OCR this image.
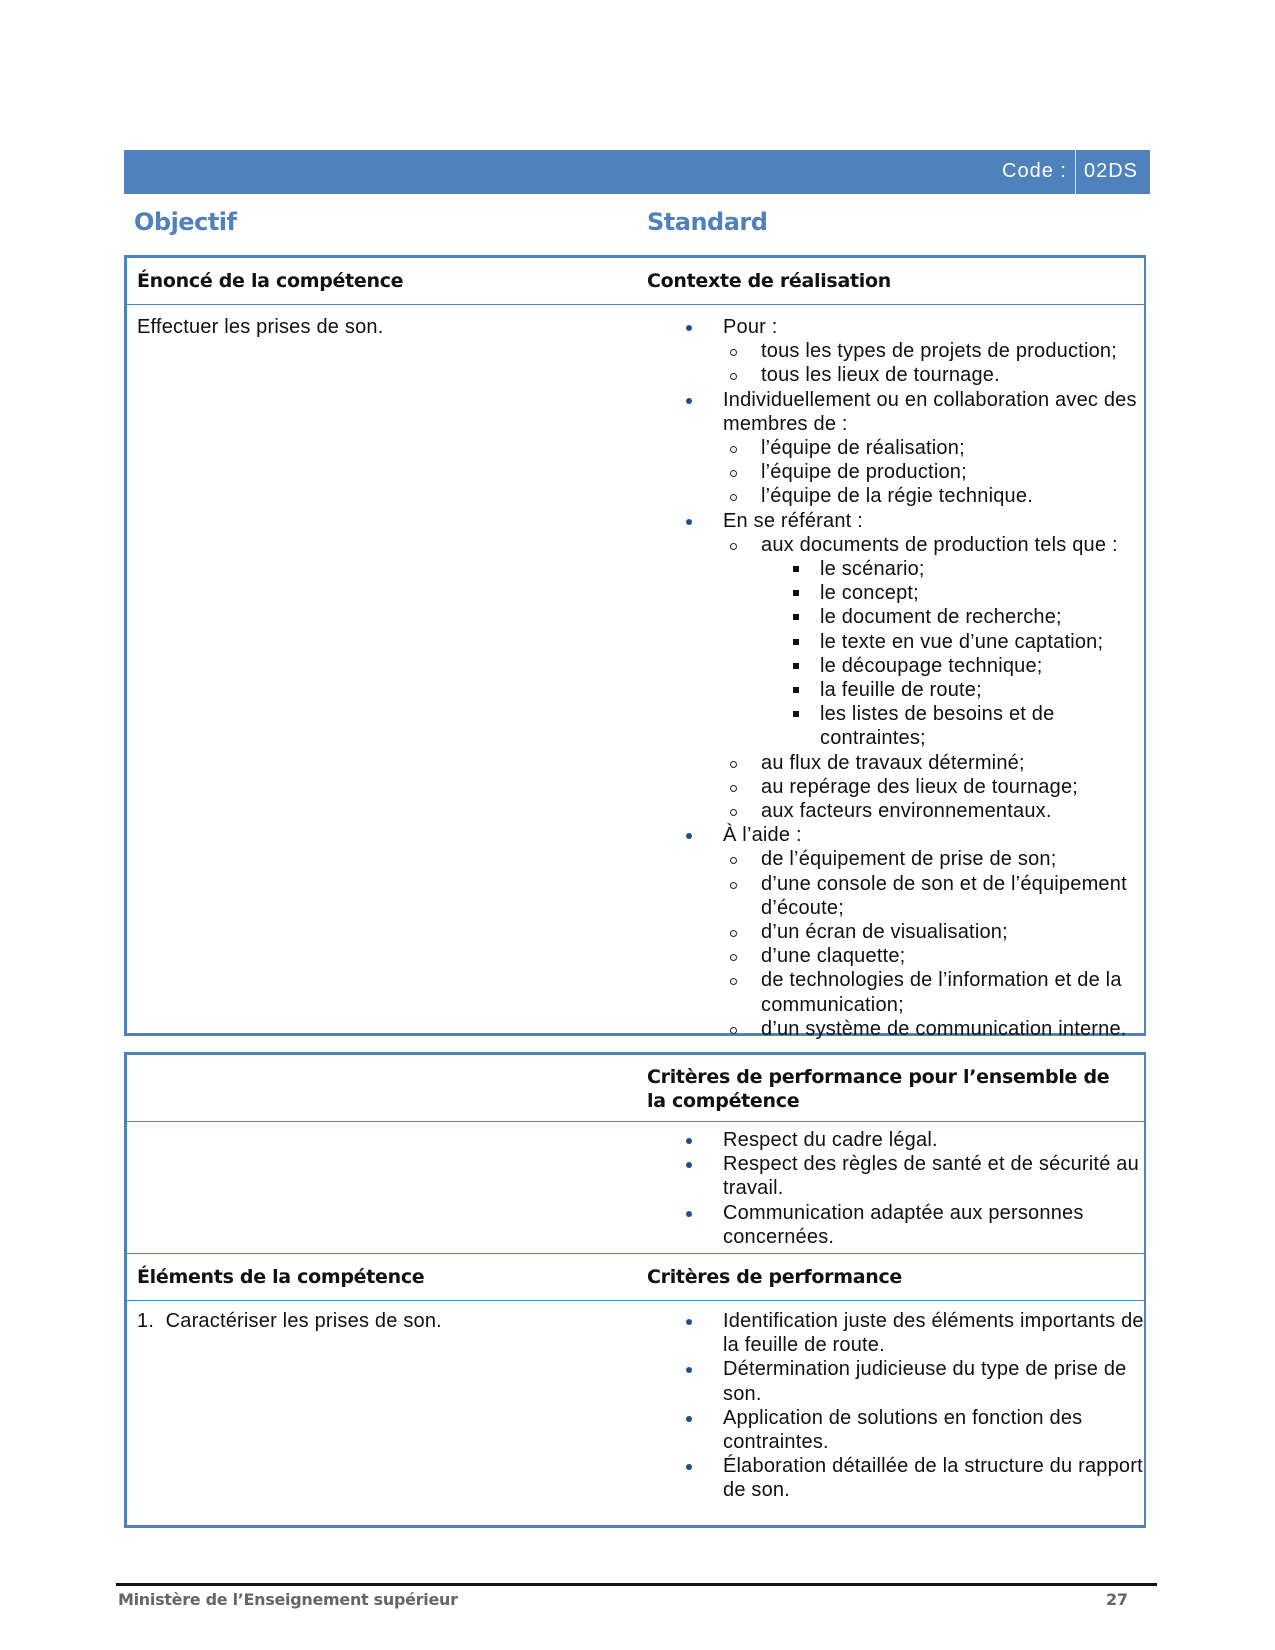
Code : 02DS
Objectif	Standard
Énoncé de la compétence	Contexte de réalisation
Effectuer les prises de son.	Pour :
tous les types de projets de production;
tous les lieux de tournage.
Individuellement ou en collaboration avec des membres de :
l’équipe de réalisation;
l’équipe de production;
l’équipe de la régie technique.
En se référant :
aux documents de production tels que :
le scénario;
le concept;
le document de recherche;
le texte en vue d’une captation;
le découpage technique;
la feuille de route;
les listes de besoins et de contraintes;
au flux de travaux déterminé;
au repérage des lieux de tournage;
aux facteurs environnementaux.
À l’aide :
de l’équipement de prise de son;
d’une console de son et de l’équipement d’écoute;
d’un écran de visualisation;
d’une claquette;
de technologies de l’information et de la communication;
d’un système de communication interne.
Critères de performance pour l’ensemble de la compétence
Respect du cadre légal.
Respect des règles de santé et de sécurité au travail.
Communication adaptée aux personnes concernées.
Éléments de la compétence	Critères de performance
1. Caractériser les prises de son.	Identification juste des éléments importants de la feuille de route.
Détermination judicieuse du type de prise de son.
Application de solutions en fonction des contraintes.
Élaboration détaillée de la structure du rapport de son.
Ministère de l’Enseignement supérieur	27
